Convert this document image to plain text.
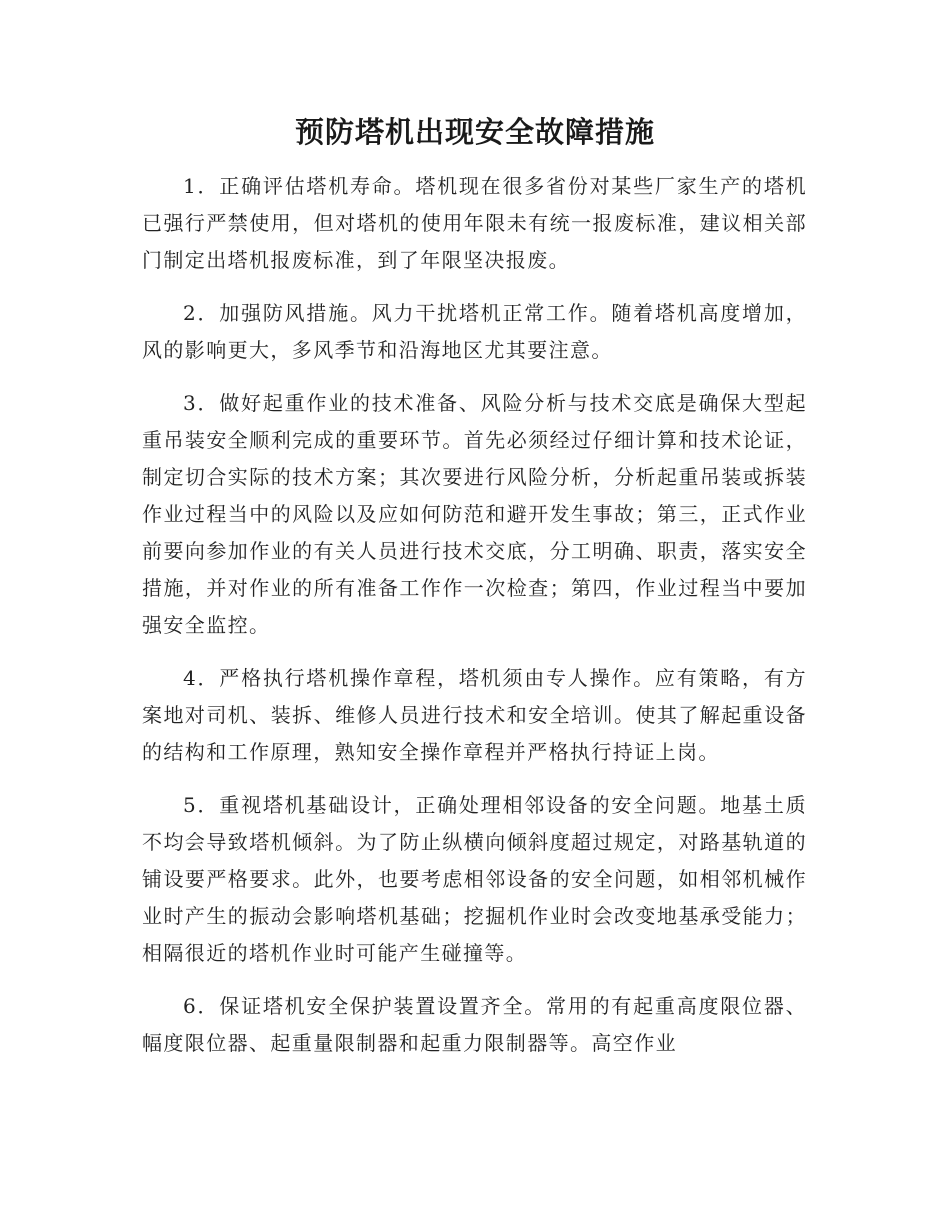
预防塔机出现安全故障措施

1．正确评估塔机寿命。塔机现在很多省份对某些厂家生产的塔机已强行严禁使用，但对塔机的使用年限未有统一报废标准，建议相关部门制定出塔机报废标准，到了年限坚决报废。

2．加强防风措施。风力干扰塔机正常工作。随着塔机高度增加，风的影响更大，多风季节和沿海地区尤其要注意。

3．做好起重作业的技术准备、风险分析与技术交底是确保大型起重吊装安全顺利完成的重要环节。首先必须经过仔细计算和技术论证，制定切合实际的技术方案；其次要进行风险分析，分析起重吊装或拆装作业过程当中的风险以及应如何防范和避开发生事故；第三，正式作业前要向参加作业的有关人员进行技术交底，分工明确、职责，落实安全措施，并对作业的所有准备工作作一次检查；第四，作业过程当中要加强安全监控。

4．严格执行塔机操作章程，塔机须由专人操作。应有策略，有方案地对司机、装拆、维修人员进行技术和安全培训。使其了解起重设备的结构和工作原理，熟知安全操作章程并严格执行持证上岗。

5．重视塔机基础设计，正确处理相邻设备的安全问题。地基土质不均会导致塔机倾斜。为了防止纵横向倾斜度超过规定，对路基轨道的铺设要严格要求。此外，也要考虑相邻设备的安全问题，如相邻机械作业时产生的振动会影响塔机基础；挖掘机作业时会改变地基承受能力；相隔很近的塔机作业时可能产生碰撞等。

6．保证塔机安全保护装置设置齐全。常用的有起重高度限位器、幅度限位器、起重量限制器和起重力限制器等。高空作业
